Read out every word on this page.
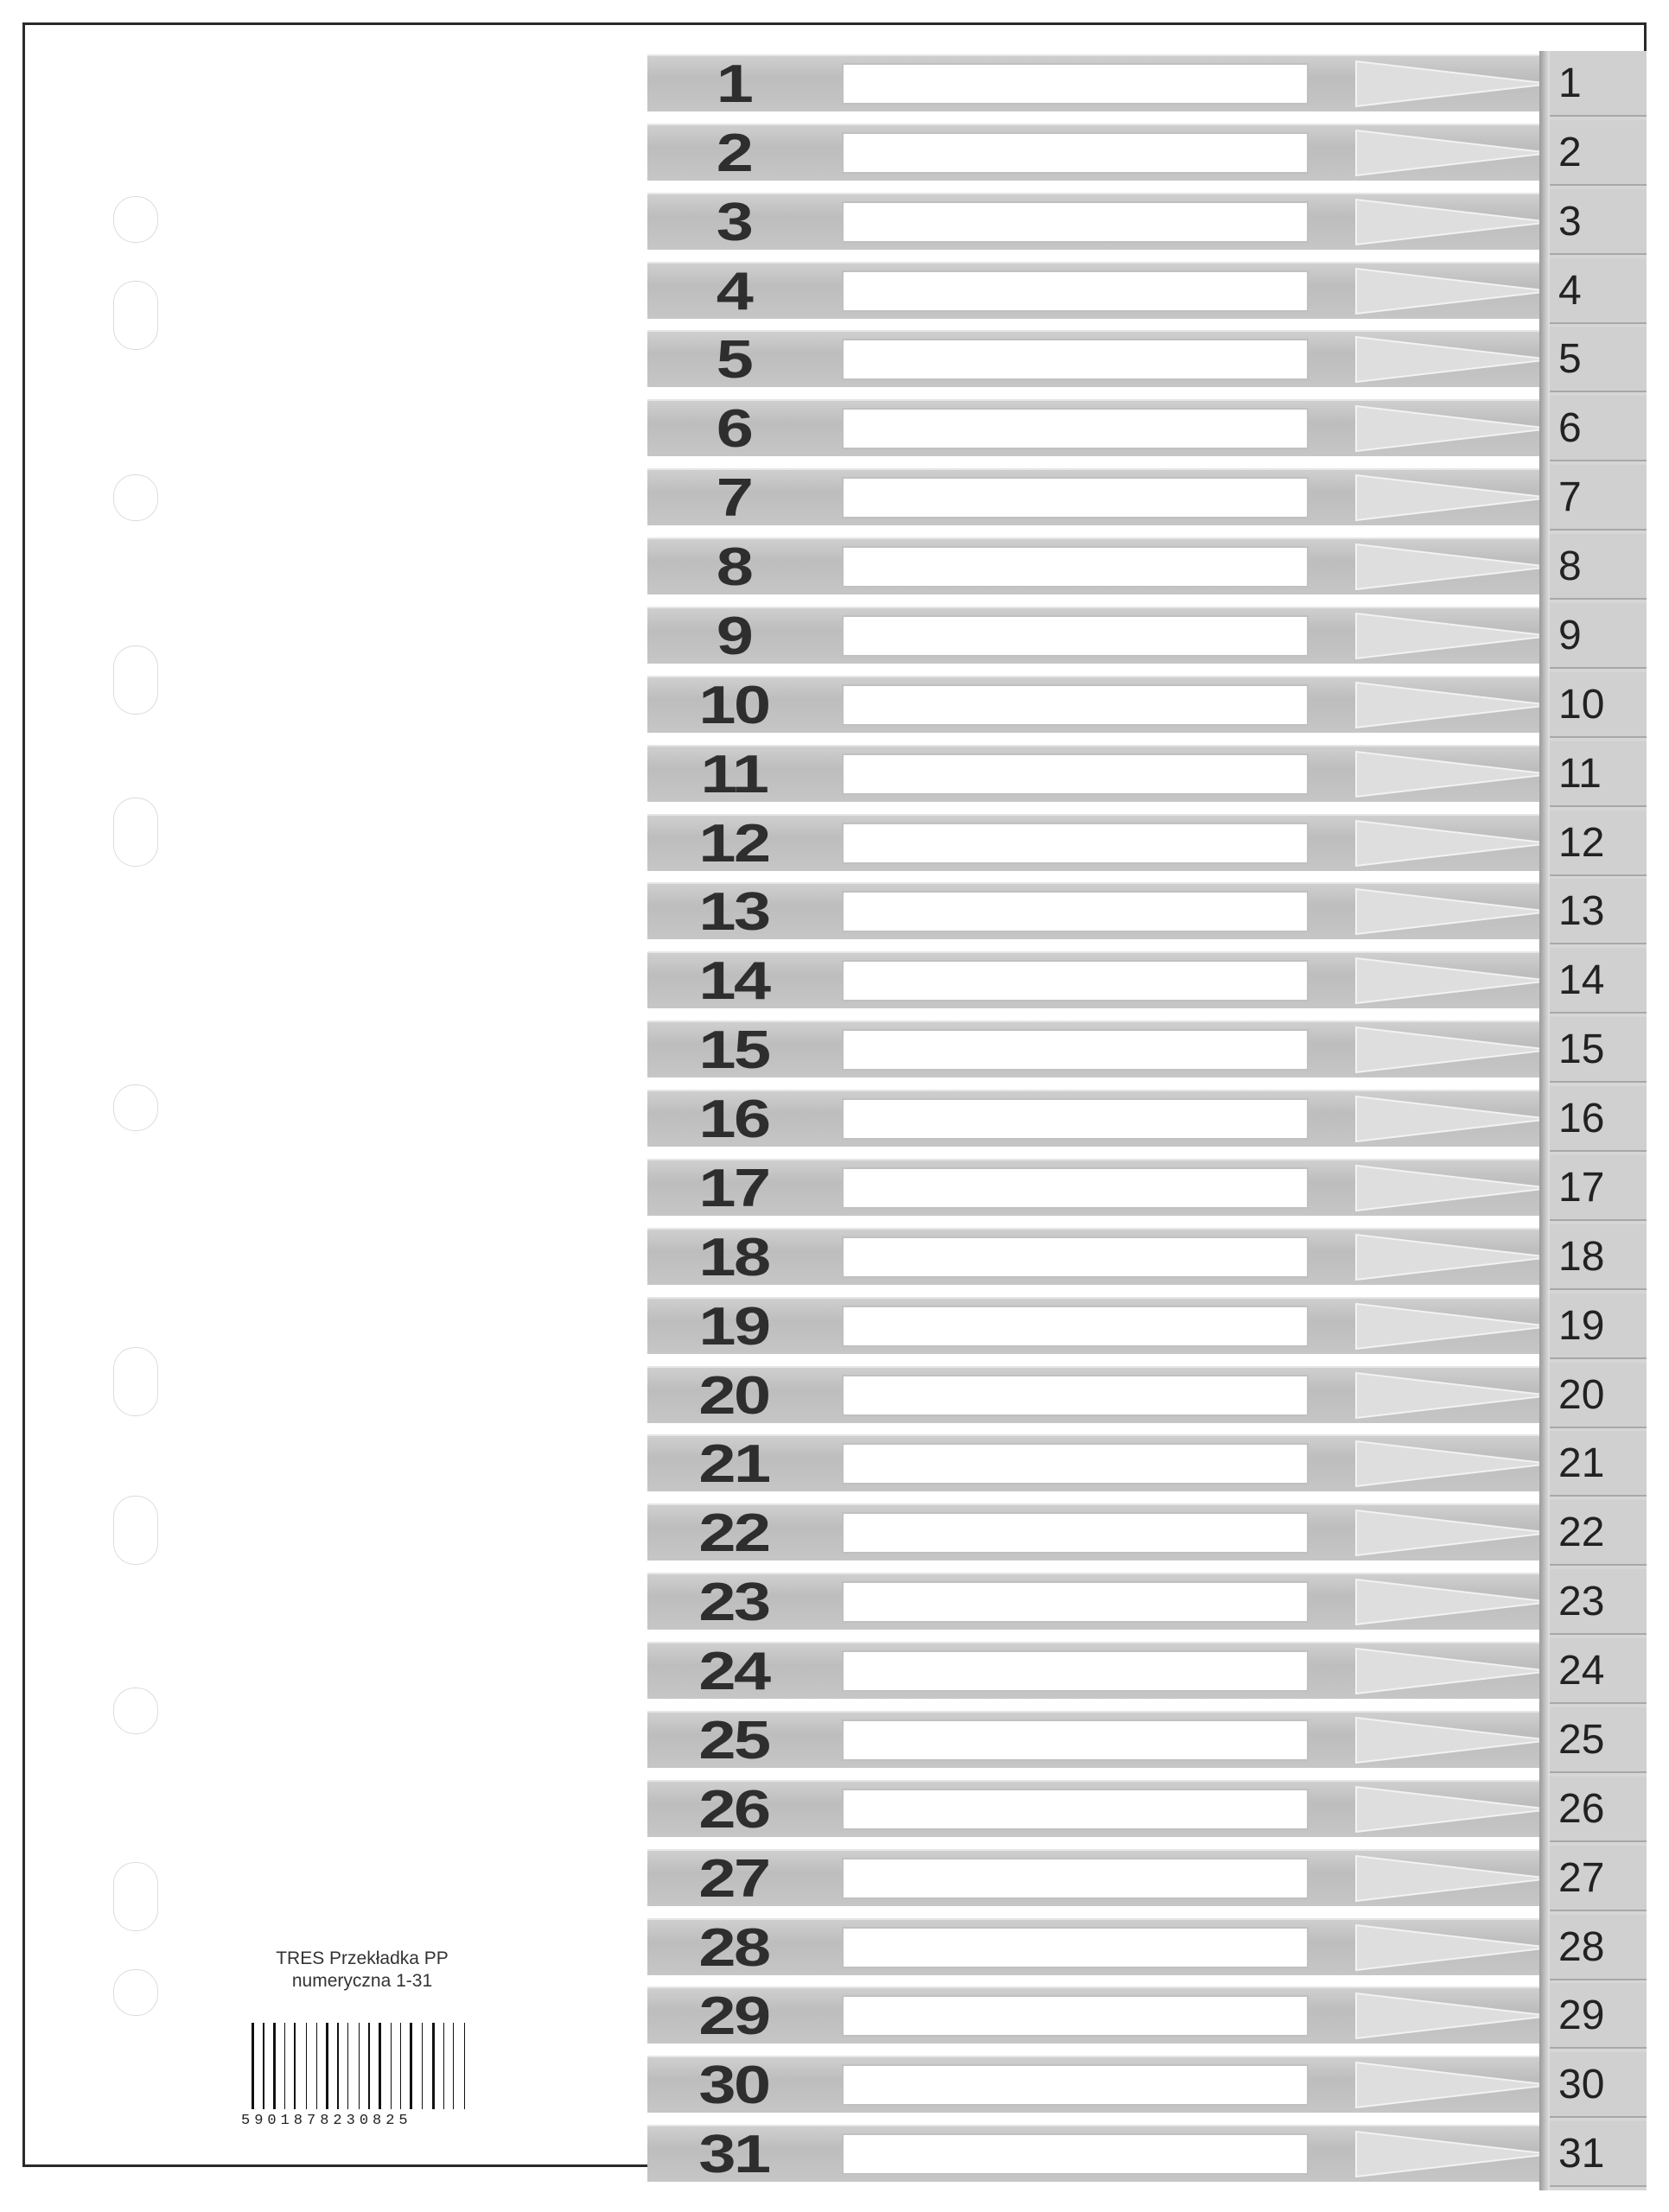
TRES Przekładka PP
numeryczna 1-31
5901878230825
1
2
3
4
5
6
7
8
9
10
11
12
13
14
15
16
17
18
19
20
21
22
23
24
25
26
27
28
29
30
31
1
2
3
4
5
6
7
8
9
10
11
12
13
14
15
16
17
18
19
20
21
22
23
24
25
26
27
28
29
30
31
